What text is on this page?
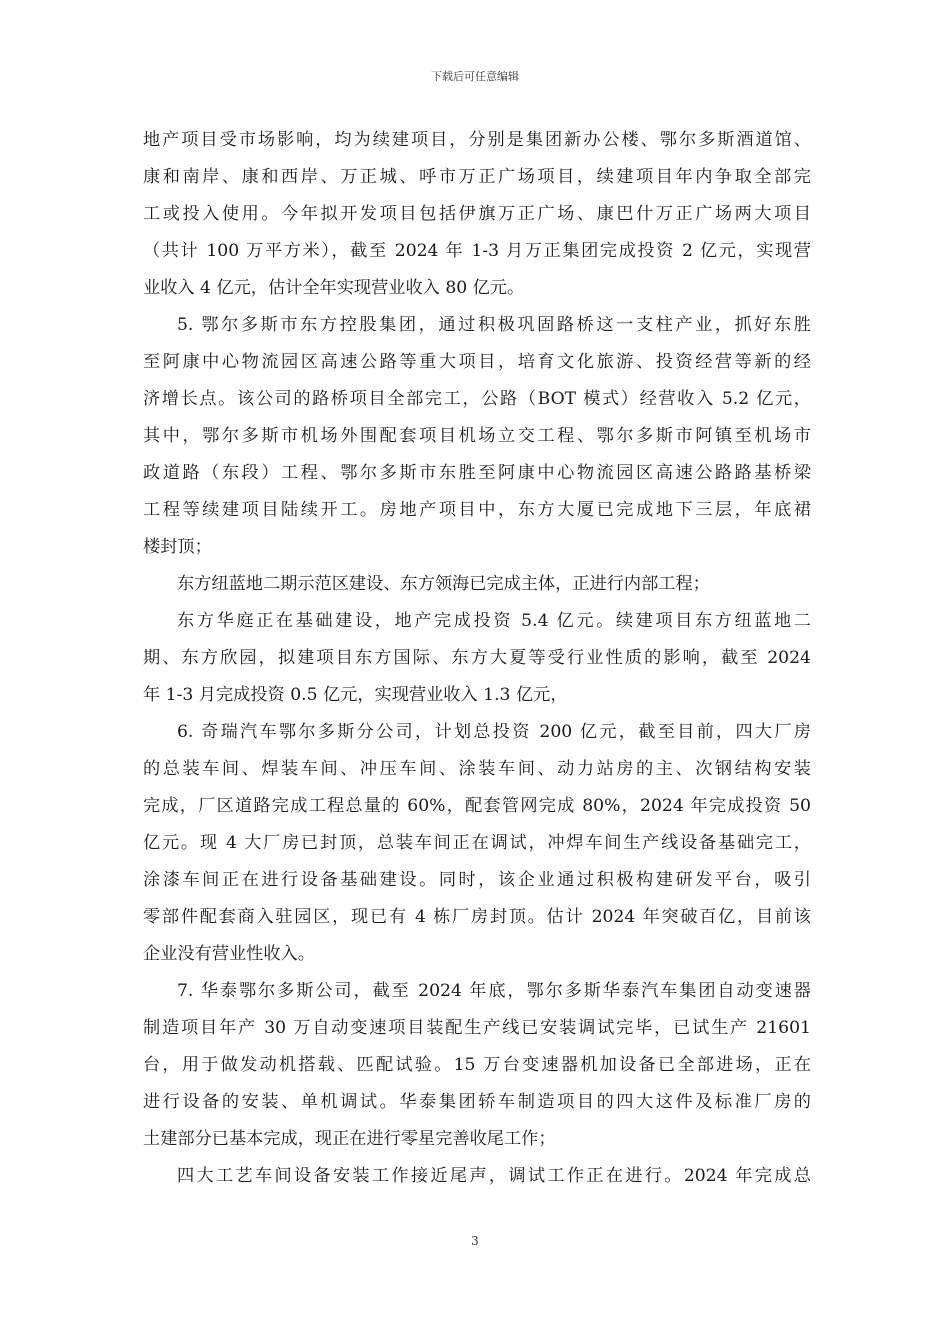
下载后可任意编辑
地产项目受市场影响，均为续建项目，分别是集团新办公楼、鄂尔多斯酒道馆、
康和南岸、康和西岸、万正城、呼市万正广场项目，续建项目年内争取全部完
工或投入使用。今年拟开发项目包括伊旗万正广场、康巴什万正广场两大项目
（共计 100 万平方米），截至 2024 年 1-3 月万正集团完成投资 2 亿元，实现营
业收入 4 亿元，估计全年实现营业收入 80 亿元。
5. 鄂尔多斯市东方控股集团，通过积极巩固路桥这一支柱产业，抓好东胜
至阿康中心物流园区高速公路等重大项目，培育文化旅游、投资经营等新的经
济增长点。该公司的路桥项目全部完工，公路（BOT 模式）经营收入 5.2 亿元，
其中，鄂尔多斯市机场外围配套项目机场立交工程、鄂尔多斯市阿镇至机场市
政道路（东段）工程、鄂尔多斯市东胜至阿康中心物流园区高速公路路基桥梁
工程等续建项目陆续开工。房地产项目中，东方大厦已完成地下三层，年底裙
楼封顶；
东方纽蓝地二期示范区建设、东方领海已完成主体，正进行内部工程；
东方华庭正在基础建设，地产完成投资 5.4 亿元。续建项目东方纽蓝地二
期、东方欣园，拟建项目东方国际、东方大夏等受行业性质的影响，截至 2024
年 1-3 月完成投资 0.5 亿元，实现营业收入 1.3 亿元，
6. 奇瑞汽车鄂尔多斯分公司，计划总投资 200 亿元，截至目前，四大厂房
的总装车间、焊装车间、冲压车间、涂装车间、动力站房的主、次钢结构安装
完成，厂区道路完成工程总量的 60%，配套管网完成 80%，2024 年完成投资 50
亿元。现 4 大厂房已封顶，总装车间正在调试，冲焊车间生产线设备基础完工，
涂漆车间正在进行设备基础建设。同时，该企业通过积极构建研发平台，吸引
零部件配套商入驻园区，现已有 4 栋厂房封顶。估计 2024 年突破百亿，目前该
企业没有营业性收入。
7. 华泰鄂尔多斯公司，截至 2024 年底，鄂尔多斯华泰汽车集团自动变速器
制造项目年产 30 万自动变速项目装配生产线已安装调试完毕，已试生产 21601
台，用于做发动机搭载、匹配试验。15 万台变速器机加设备已全部进场，正在
进行设备的安装、单机调试。华泰集团轿车制造项目的四大这件及标准厂房的
土建部分已基本完成，现正在进行零星完善收尾工作；
四大工艺车间设备安装工作接近尾声，调试工作正在进行。2024 年完成总
3
